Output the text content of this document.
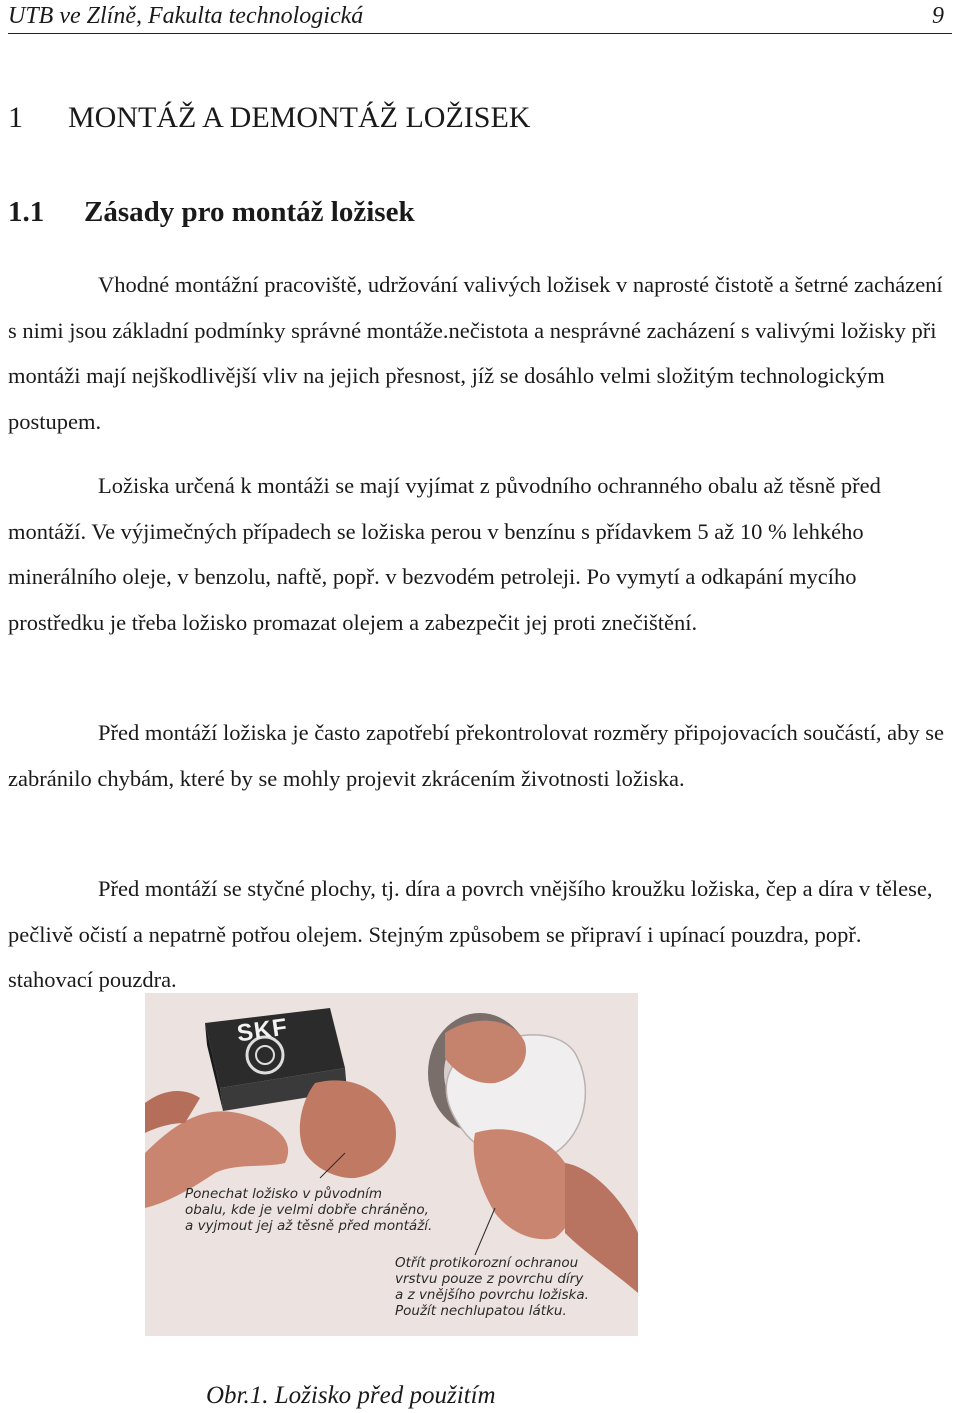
UTB ve Zlíně, Fakulta technologická	9
1 MONTÁŽ A DEMONTÁŽ LOŽISEK
1.1 Zásady pro montáž ložisek

Vhodné montážní pracoviště, udržování valivých ložisek v naprosté čistotě a šetrné zacházení s nimi jsou základní podmínky správné montáže.nečistota a nesprávné zacházení s valivými ložisky při montáži mají nejškodlivější vliv na jejich přesnost, jíž se dosáhlo velmi složitým technologickým postupem.

Ložiska určená k montáži se mají vyjímat z původního ochranného obalu až těsně před montáží. Ve výjimečných případech se ložiska perou v benzínu s přídavkem 5 až 10 % lehkého minerálního oleje, v benzolu, naftě, popř. v bezvodém petroleji. Po vymytí a odkapání mycího prostředku je třeba ložisko promazat olejem a zabezpečit jej proti znečištění.

Před montáží ložiska je často zapotřebí překontrolovat rozměry připojovacích součástí, aby se zabránilo chybám, které by se mohly projevit zkrácením životnosti ložiska.

Před montáží se styčné plochy, tj. díra a povrch vnějšího kroužku ložiska, čep a díra v tělese, pečlivě očistí a nepatrně potřou olejem. Stejným způsobem se připraví i upínací pouzdra, popř. stahovací pouzdra.

SKF
Ponechat ložisko v původním
obalu, kde je velmi dobře chráněno,
a vyjmout jej až těsně před montáží.
Otřít protikorozní ochranou
vrstvu pouze z povrchu díry
a z vnějšího povrchu ložiska.
Použít nechlupatou látku.
Obr.1. Ložisko před použitím
